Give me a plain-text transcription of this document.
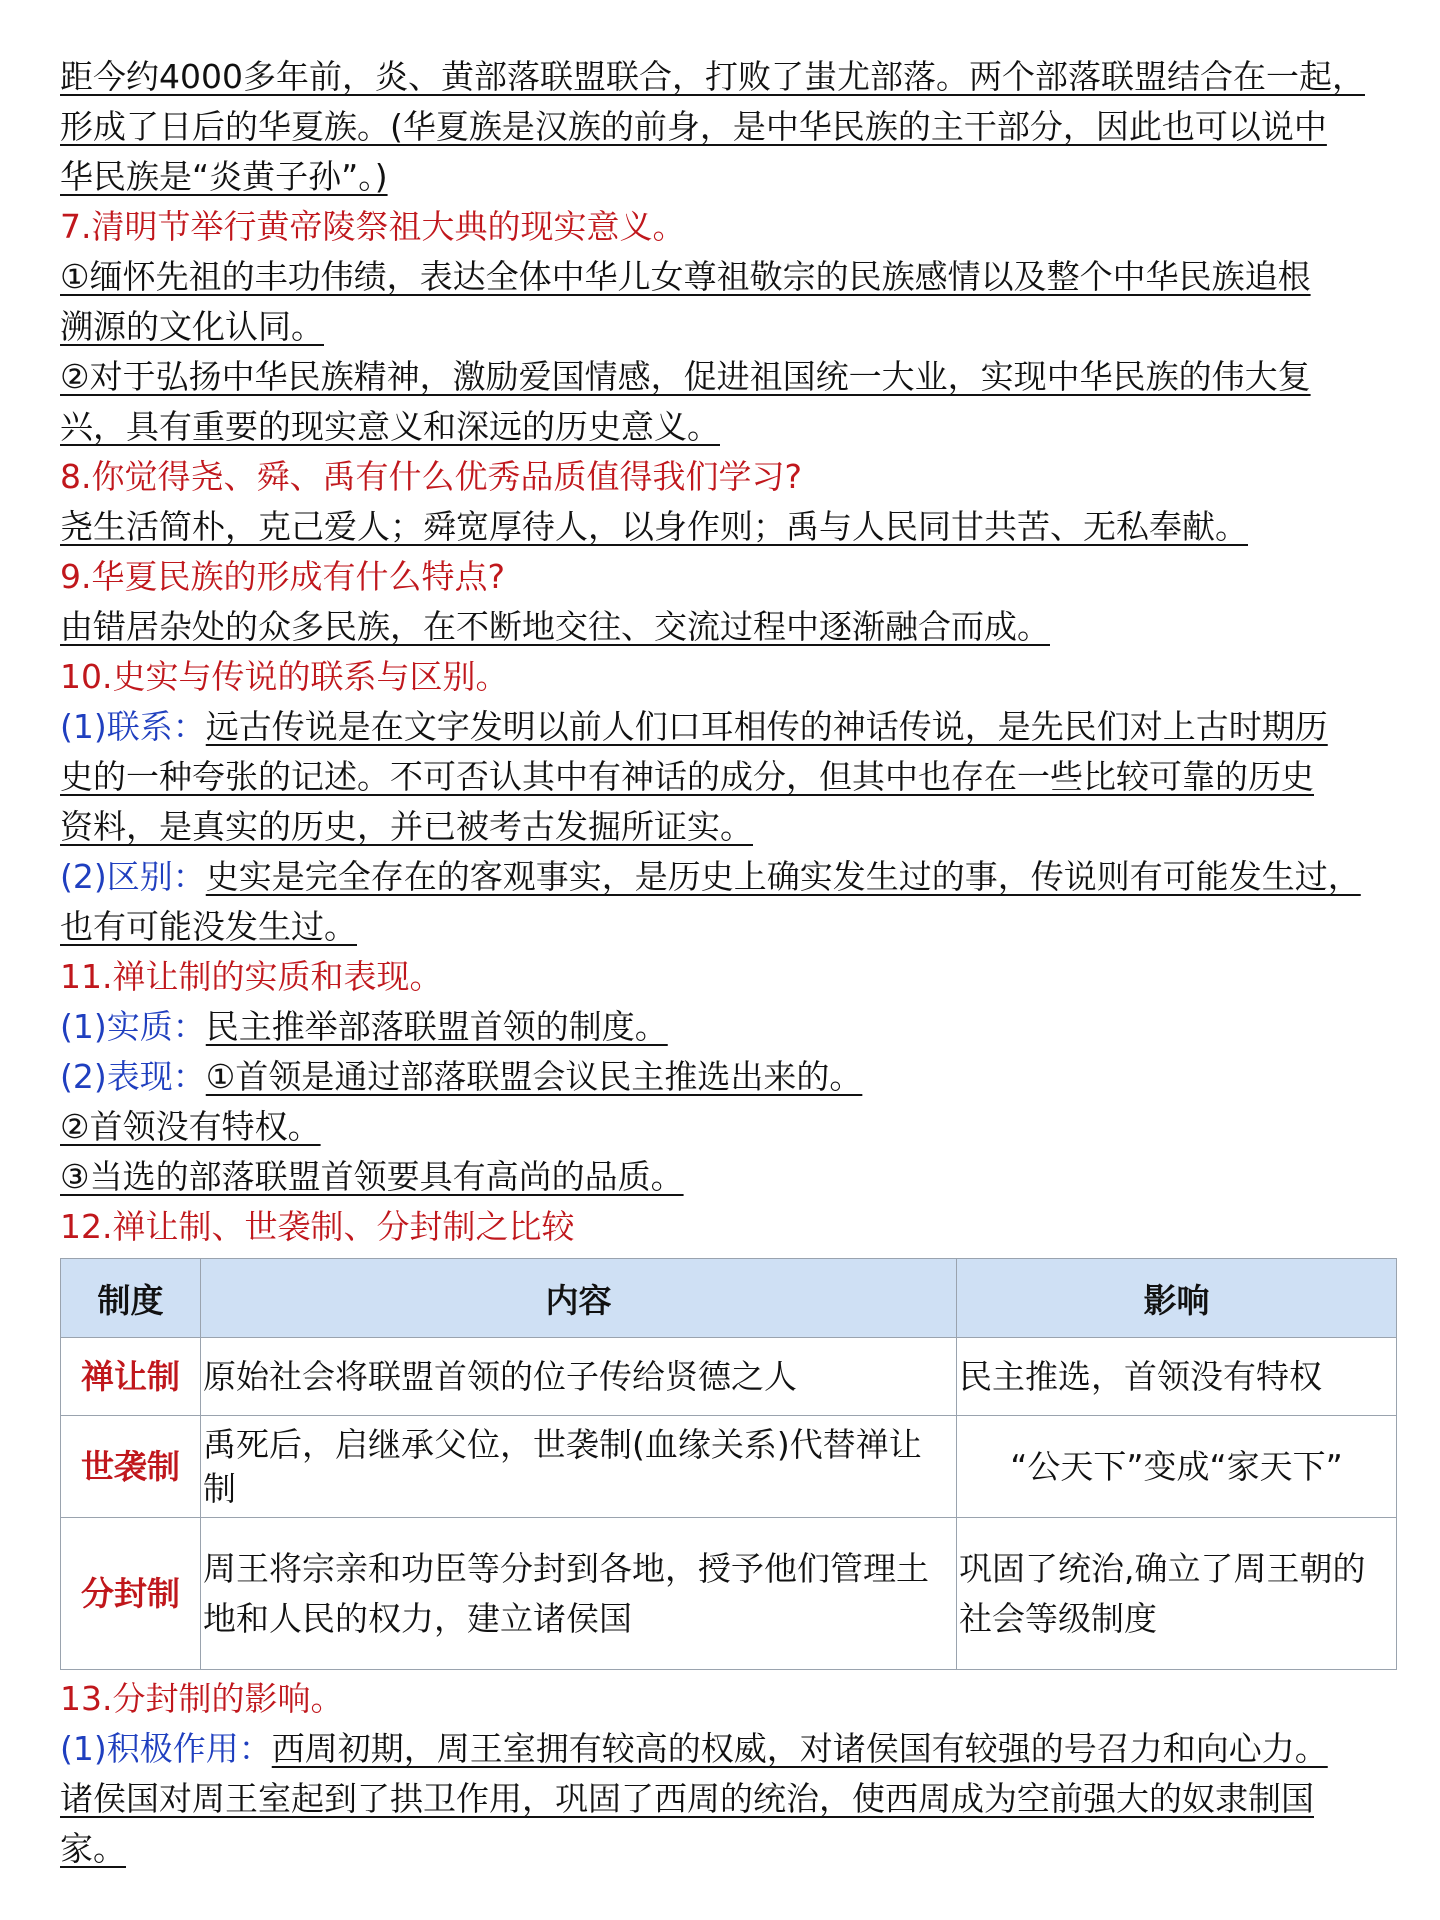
距今约4000多年前，炎、黄部落联盟联合，打败了蚩尤部落。两个部落联盟结合在一起，
形成了日后的华夏族。(华夏族是汉族的前身，是中华民族的主干部分，因此也可以说中
华民族是“炎黄子孙”。)
7.清明节举行黄帝陵祭祖大典的现实意义。
①缅怀先祖的丰功伟绩，表达全体中华儿女尊祖敬宗的民族感情以及整个中华民族追根
溯源的文化认同。
②对于弘扬中华民族精神，激励爱国情感，促进祖国统一大业，实现中华民族的伟大复
兴，具有重要的现实意义和深远的历史意义。
8.你觉得尧、舜、禹有什么优秀品质值得我们学习?
尧生活简朴，克己爱人；舜宽厚待人，以身作则；禹与人民同甘共苦、无私奉献。
9.华夏民族的形成有什么特点?
由错居杂处的众多民族，在不断地交往、交流过程中逐渐融合而成。
10.史实与传说的联系与区别。
(1)联系：远古传说是在文字发明以前人们口耳相传的神话传说，是先民们对上古时期历
史的一种夸张的记述。不可否认其中有神话的成分，但其中也存在一些比较可靠的历史
资料，是真实的历史，并已被考古发掘所证实。
(2)区别：史实是完全存在的客观事实，是历史上确实发生过的事，传说则有可能发生过，
也有可能没发生过。
11.禅让制的实质和表现。
(1)实质：民主推举部落联盟首领的制度。
(2)表现：①首领是通过部落联盟会议民主推选出来的。
②首领没有特权。
③当选的部落联盟首领要具有高尚的品质。
12.禅让制、世袭制、分封制之比较
制度	内容	影响
禅让制	原始社会将联盟首领的位子传给贤德之人	民主推选，首领没有特权
世袭制	禹死后，启继承父位，世袭制(血缘关系)代替禅让制	“公天下”变成“家天下”
分封制	周王将宗亲和功臣等分封到各地，授予他们管理土地和人民的权力，建立诸侯国	巩固了统治,确立了周王朝的社会等级制度
13.分封制的影响。
(1)积极作用：西周初期，周王室拥有较高的权威，对诸侯国有较强的号召力和向心力。
诸侯国对周王室起到了拱卫作用，巩固了西周的统治，使西周成为空前强大的奴隶制国
家。
